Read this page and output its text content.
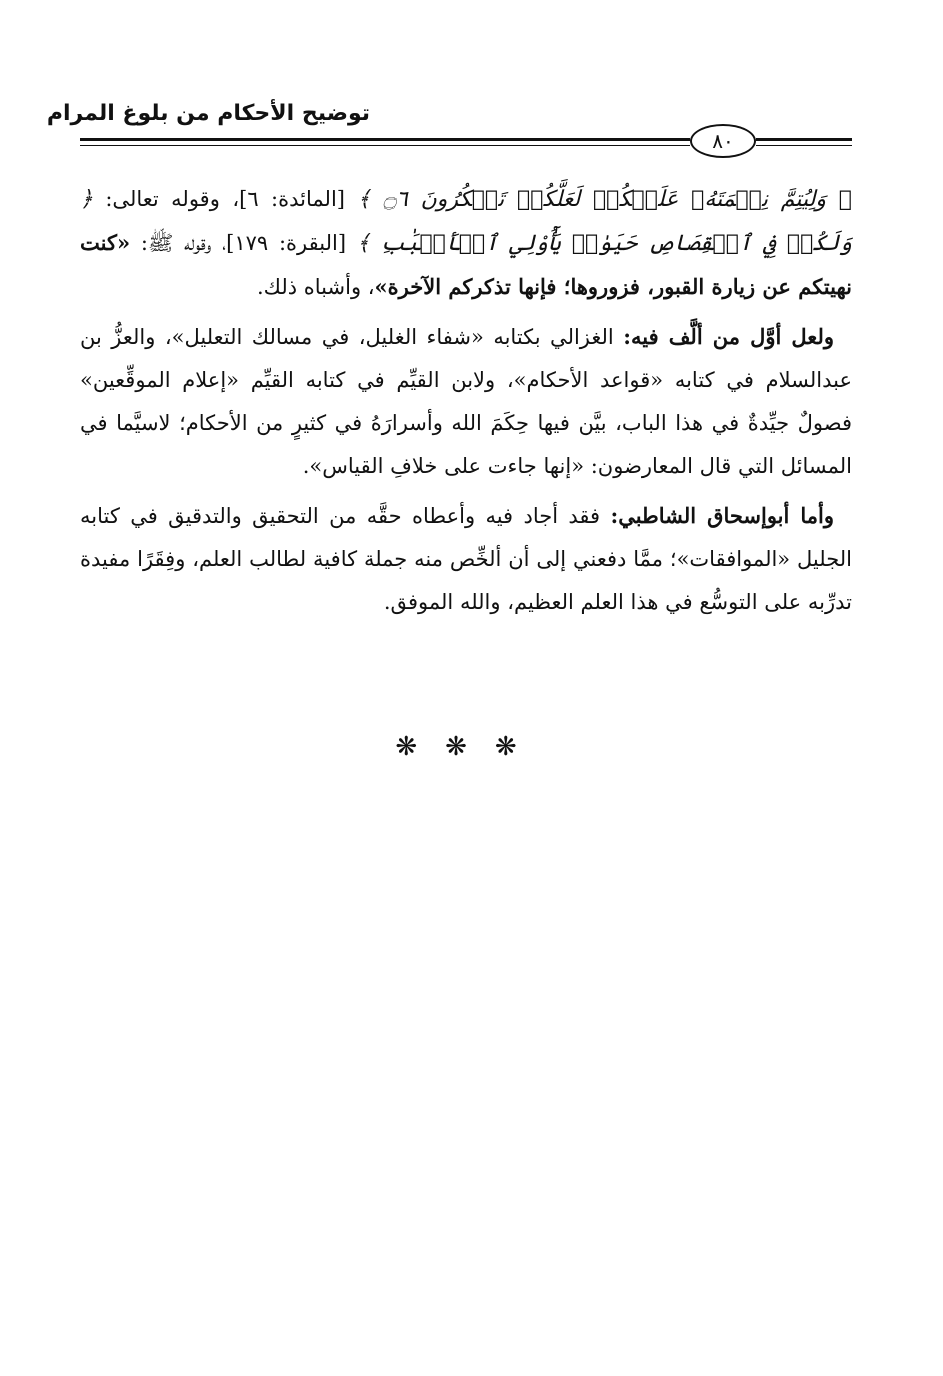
توضيح الأحكام من بلوغ المرام
٨٠

﴿ وَلِيُتِمَّ نِعۡمَتَهُۥ عَلَيۡكُمۡ لَعَلَّكُمۡ تَشۡكُرُونَ ۝٦ ﴾ [المائدة: ٦]، وقوله تعالى: ﴿ وَلَكُمۡ فِي ٱلۡقِصَاصِ حَيَوٰةٞ يَٰٓأُوْلِي ٱلۡأَلۡبَٰبِ ﴾ [البقرة: ١٧٩]، وقوله ﷺ: «كنت نهيتكم عن زيارة القبور، فزوروها؛ فإنها تذكركم الآخرة»، وأشباه ذلك.

ولعل أوَّل من ألَّف فيه: الغزالي بكتابه «شفاء الغليل، في مسالك التعليل»، والعزُّ بن عبدالسلام في كتابه «قواعد الأحكام»، ولابن القيِّم في كتابه القيِّم «إعلام الموقِّعين» فصولٌ جيِّدةٌ في هذا الباب، بيَّن فيها حِكَمَ الله وأسرارَهُ في كثيرٍ من الأحكام؛ لاسيَّما في المسائل التي قال المعارضون: «إنها جاءت على خلافِ القياس».

وأما أبوإسحاق الشاطبي: فقد أجاد فيه وأعطاه حقَّه من التحقيق والتدقيق في كتابه الجليل «الموافقات»؛ ممَّا دفعني إلى أن ألخِّص منه جملة كافية لطالب العلم، وفِقَرًا مفيدة تدرِّبه على التوسُّع في هذا العلم العظيم، والله الموفق.

❋❋❋
